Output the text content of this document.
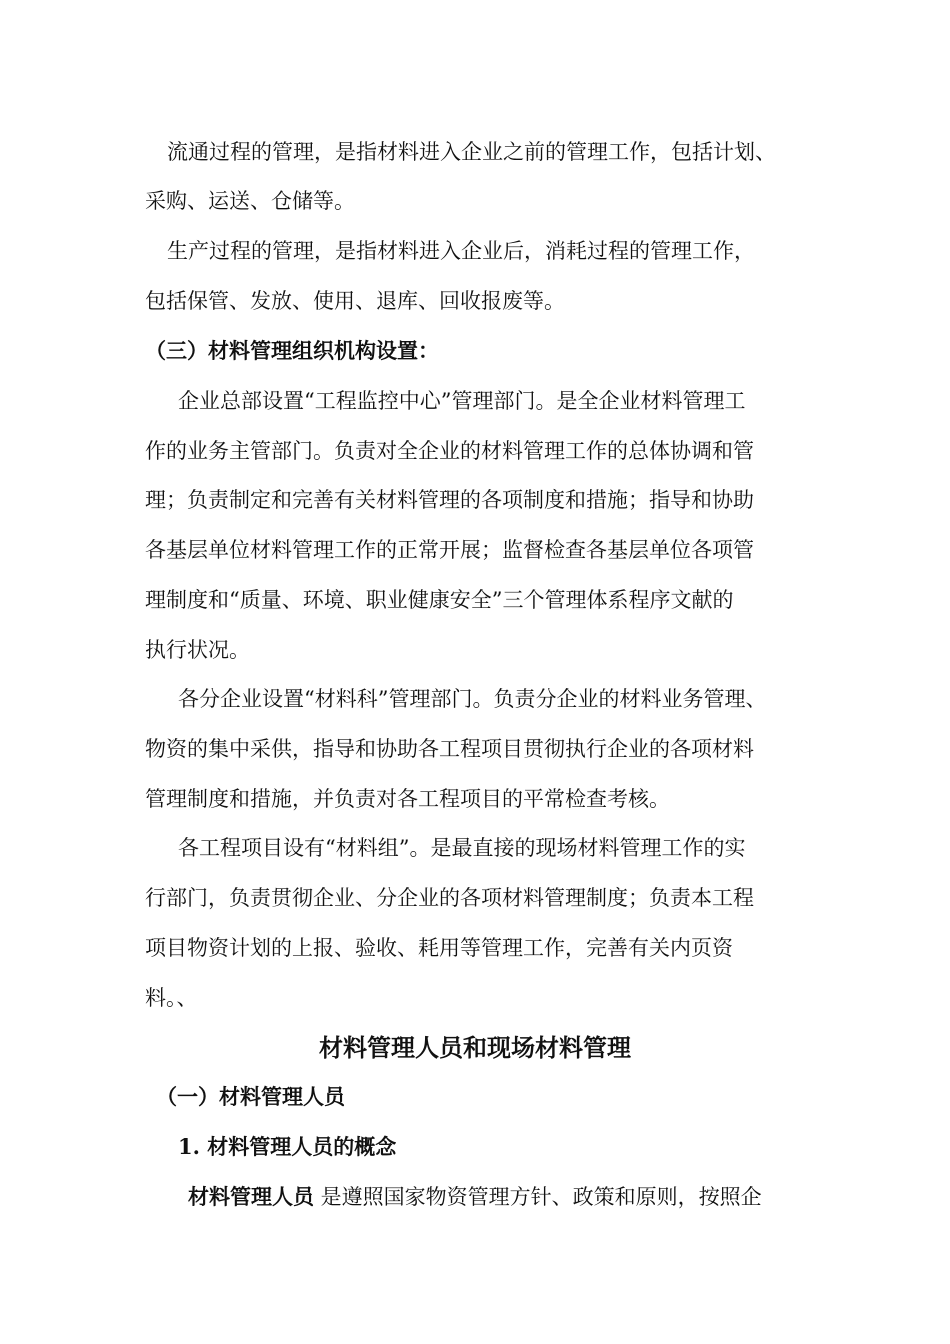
流通过程的管理，是指材料进入企业之前的管理工作，包括计划、
采购、运送、仓储等。
生产过程的管理，是指材料进入企业后，消耗过程的管理工作，
包括保管、发放、使用、退库、回收报废等。
（三）材料管理组织机构设置：
企业总部设置“工程监控中心”管理部门。是全企业材料管理工
作的业务主管部门。负责对全企业的材料管理工作的总体协调和管
理；负责制定和完善有关材料管理的各项制度和措施；指导和协助
各基层单位材料管理工作的正常开展；监督检查各基层单位各项管
理制度和“质量、环境、职业健康安全”三个管理体系程序文献的
执行状况。
各分企业设置“材料科”管理部门。负责分企业的材料业务管理、
物资的集中采供，指导和协助各工程项目贯彻执行企业的各项材料
管理制度和措施，并负责对各工程项目的平常检查考核。
各工程项目设有“材料组”。是最直接的现场材料管理工作的实
行部门，负责贯彻企业、分企业的各项材料管理制度；负责本工程
项目物资计划的上报、验收、耗用等管理工作，完善有关内页资
料。、
材料管理人员和现场材料管理
（一）材料管理人员
1. 材料管理人员的概念
材料管理人员 是遵照国家物资管理方针、政策和原则，按照企
